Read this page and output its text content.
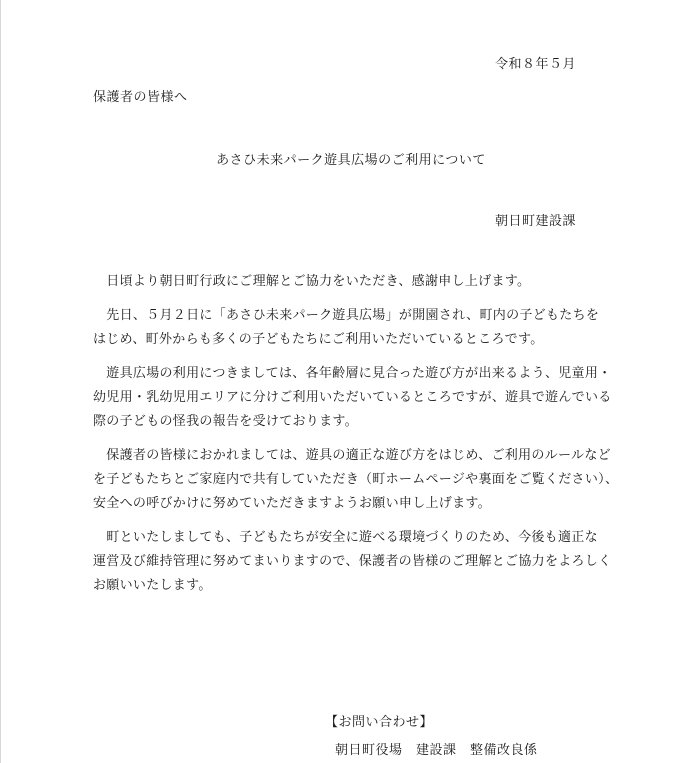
令和８年５月
保護者の皆様へ
あさひ未来パーク遊具広場のご利用について
朝日町建設課
　日頃より朝日町行政にご理解とご協力をいただき、感謝申し上げます。
　先日、５月２日に「あさひ未来パーク遊具広場」が開園され、町内の子どもたちを
はじめ、町外からも多くの子どもたちにご利用いただいているところです。
　遊具広場の利用につきましては、各年齢層に見合った遊び方が出来るよう、児童用・
幼児用・乳幼児用エリアに分けご利用いただいているところですが、遊具で遊んでいる
際の子どもの怪我の報告を受けております。
　保護者の皆様におかれましては、遊具の適正な遊び方をはじめ、ご利用のルールなど
を子どもたちとご家庭内で共有していただき（町ホームページや裏面をご覧ください）、
安全への呼びかけに努めていただきますようお願い申し上げます。
　町といたしましても、子どもたちが安全に遊べる環境づくりのため、今後も適正な
運営及び維持管理に努めてまいりますので、保護者の皆様のご理解とご協力をよろしく
お願いいたします。
【お問い合わせ】
朝日町役場　建設課　整備改良係
